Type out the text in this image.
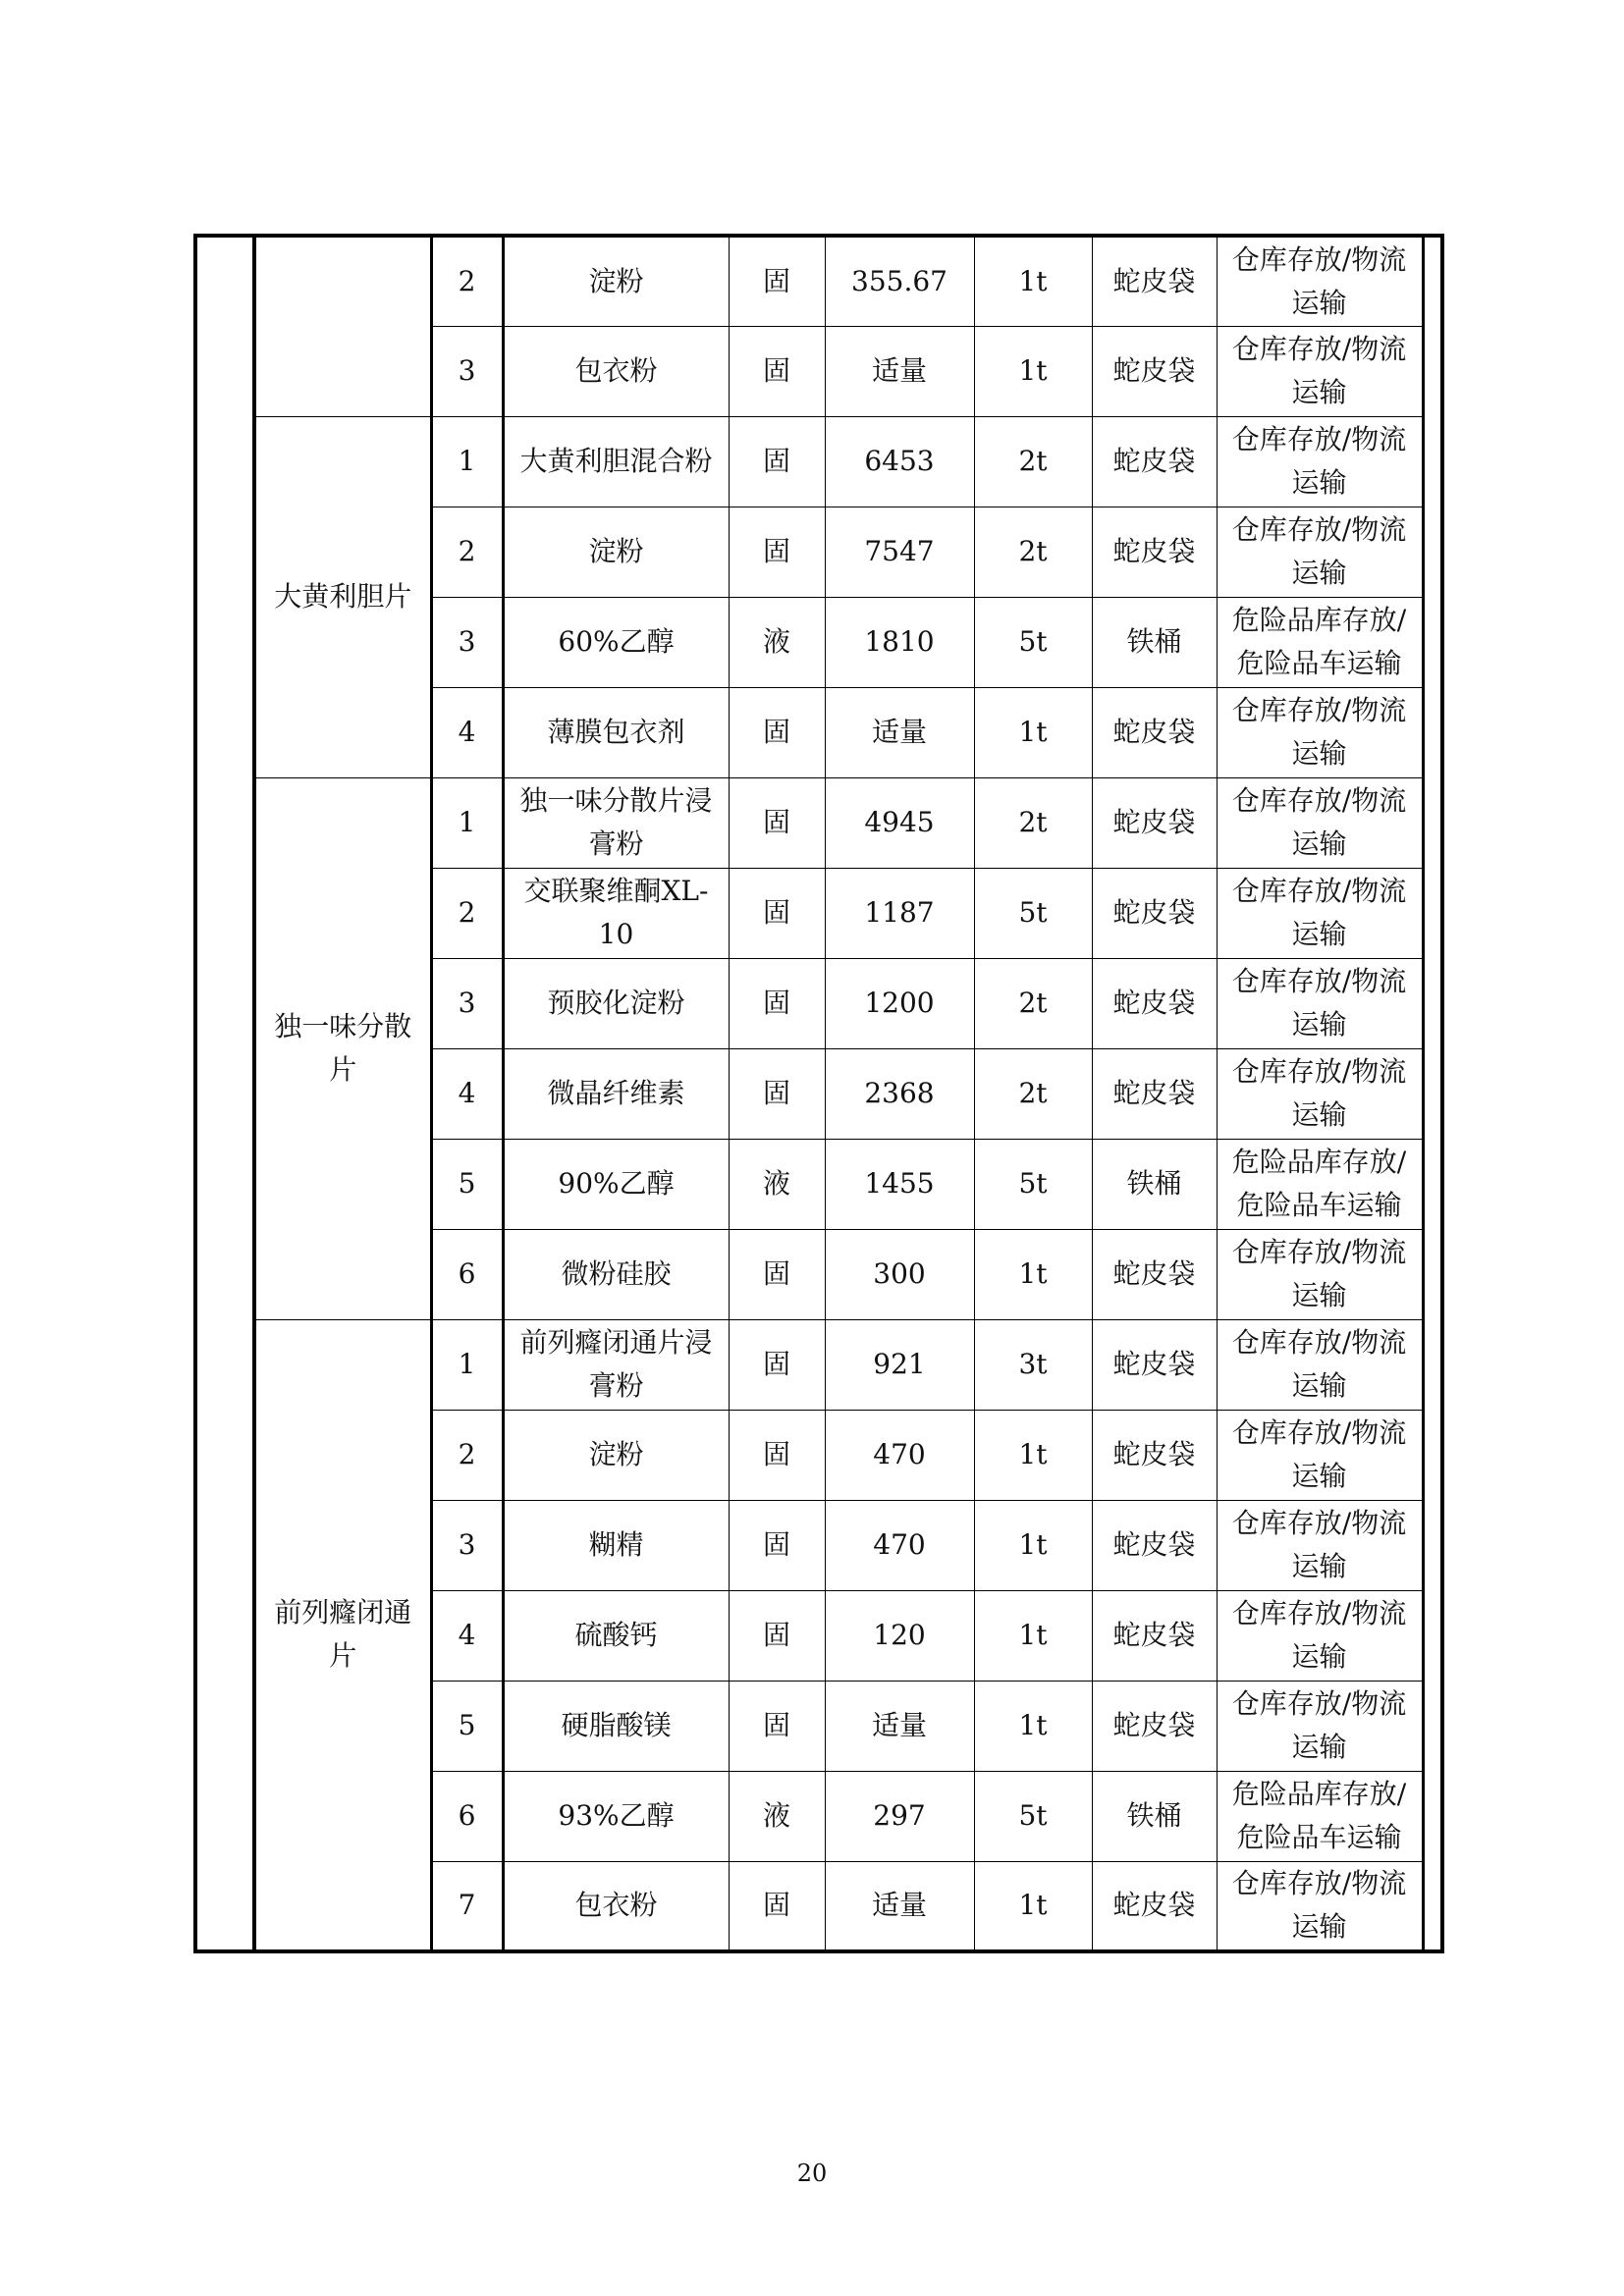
		2	淀粉	固	355.67	1t	蛇皮袋	仓库存放/物流运输	
		3	包衣粉	固	适量	1t	蛇皮袋	仓库存放/物流运输	
	大黄利胆片	1	大黄利胆混合粉	固	6453	2t	蛇皮袋	仓库存放/物流运输	
		2	淀粉	固	7547	2t	蛇皮袋	仓库存放/物流运输	
		3	60%乙醇	液	1810	5t	铁桶	危险品库存放/危险品车运输	
		4	薄膜包衣剂	固	适量	1t	蛇皮袋	仓库存放/物流运输	
	独一味分散片	1	独一味分散片浸膏粉	固	4945	2t	蛇皮袋	仓库存放/物流运输	
		2	交联聚维酮XL-10	固	1187	5t	蛇皮袋	仓库存放/物流运输	
		3	预胶化淀粉	固	1200	2t	蛇皮袋	仓库存放/物流运输	
		4	微晶纤维素	固	2368	2t	蛇皮袋	仓库存放/物流运输	
		5	90%乙醇	液	1455	5t	铁桶	危险品库存放/危险品车运输	
		6	微粉硅胶	固	300	1t	蛇皮袋	仓库存放/物流运输	
	前列癃闭通片	1	前列癃闭通片浸膏粉	固	921	3t	蛇皮袋	仓库存放/物流运输	
		2	淀粉	固	470	1t	蛇皮袋	仓库存放/物流运输	
		3	糊精	固	470	1t	蛇皮袋	仓库存放/物流运输	
		4	硫酸钙	固	120	1t	蛇皮袋	仓库存放/物流运输	
		5	硬脂酸镁	固	适量	1t	蛇皮袋	仓库存放/物流运输	
		6	93%乙醇	液	297	5t	铁桶	危险品库存放/危险品车运输	
		7	包衣粉	固	适量	1t	蛇皮袋	仓库存放/物流运输	
20
